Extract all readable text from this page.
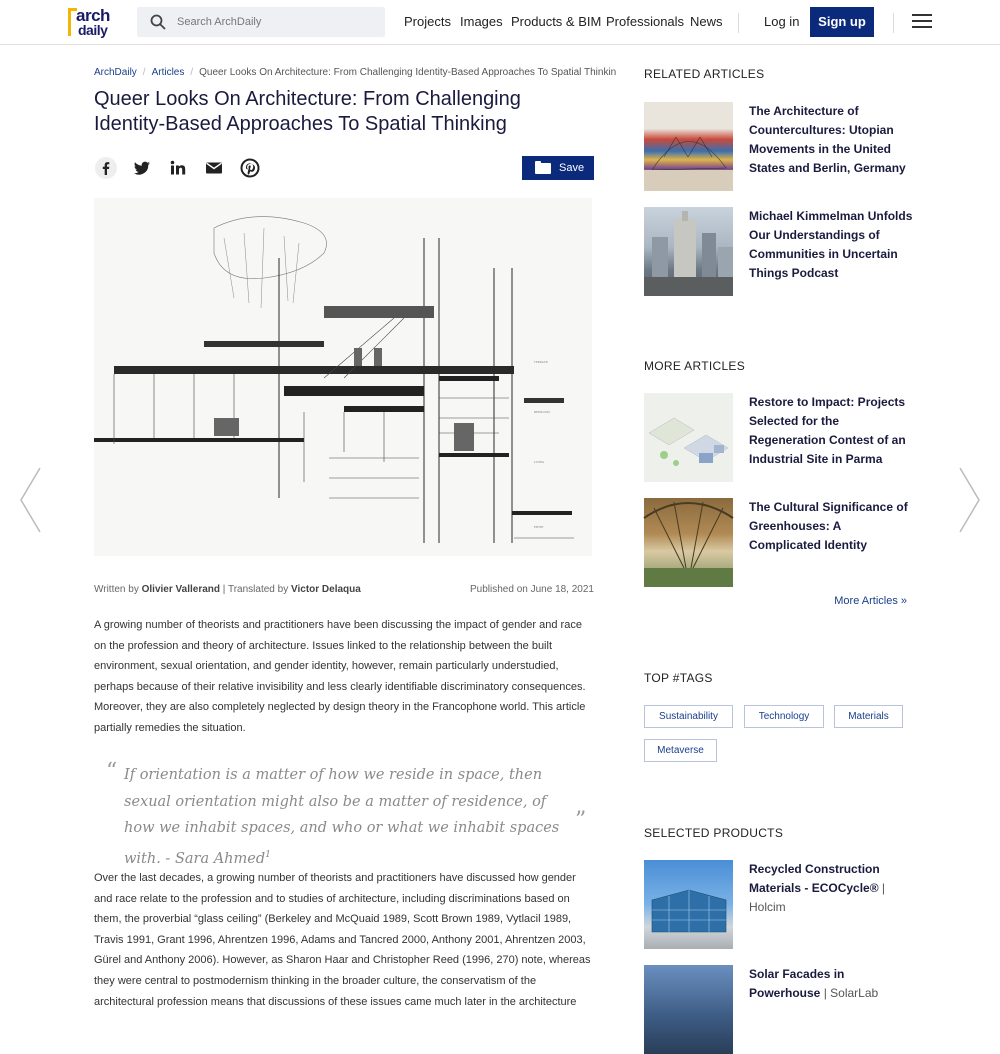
arch
daily
Search ArchDaily
Projects Images Products & BIM Professionals News	Log in	Sign up
ArchDaily / Articles / Queer Looks On Architecture: From Challenging Identity-Based Approaches To Spatial Thinkin
Queer Looks On Architecture: From Challenging Identity-Based Approaches To Spatial Thinking
Save
TERRACE
BEDROOM
LIVING
ENTRY
Written by Olivier Vallerand | Translated by Victor Delaqua	Published on June 18, 2021

A growing number of theorists and practitioners have been discussing the impact of gender and race on the profession and theory of architecture. Issues linked to the relationship between the built environment, sexual orientation, and gender identity, however, remain particularly understudied, perhaps because of their relative invisibility and less clearly identifiable discriminatory consequences. Moreover, they are also completely neglected by design theory in the Francophone world. This article partially remedies the situation.

“ If orientation is a matter of how we reside in space, then sexual orientation might also be a matter of residence, of how we inhabit spaces, and who or what we inhabit spaces with. - Sara Ahmed$^1$

”

Over the last decades, a growing number of theorists and practitioners have discussed how gender and race relate to the profession and to studies of architecture, including discriminations based on them, the proverbial “glass ceiling” (Berkeley and McQuaid 1989, Scott Brown 1989, Vytlacil 1989, Travis 1991, Grant 1996, Ahrentzen 1996, Adams and Tancred 2000, Anthony 2001, Ahrentzen 2003, Gürel and Anthony 2006). However, as Sharon Haar and Christopher Reed (1996, 270) note, whereas they were central to postmodernism thinking in the broader culture, the conservatism of the architectural profession means that discussions of these issues came much later in the architecture

RELATED ARTICLES
The Architecture of Countercultures: Utopian Movements in the United States and Berlin, Germany
Michael Kimmelman Unfolds Our Understandings of Communities in Uncertain Things Podcast
MORE ARTICLES
Restore to Impact: Projects Selected for the Regeneration Contest of an Industrial Site in Parma
The Cultural Significance of Greenhouses: A Complicated Identity
More Articles »
TOP #TAGS
Sustainability	Technology	Materials
Metaverse
SELECTED PRODUCTS
Recycled Construction Materials - ECOCycle® | Holcim
Solar Facades in Powerhouse | SolarLab
